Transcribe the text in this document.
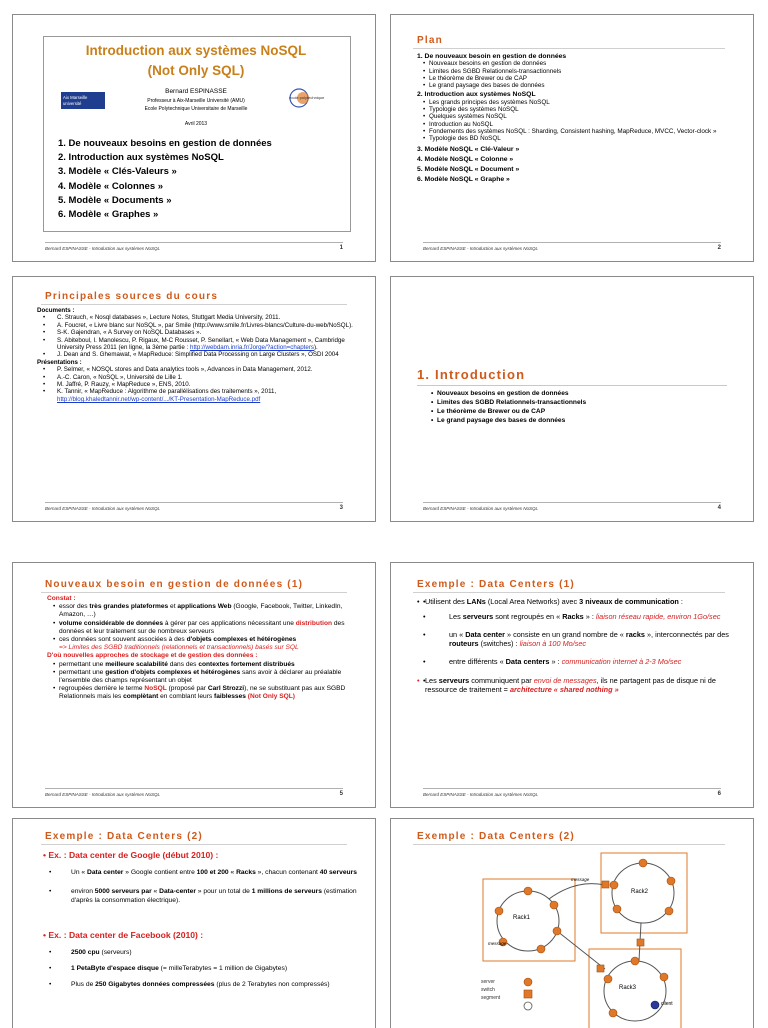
Introduction aux systèmes NoSQL
(Not Only SQL)
Aix Marseille université
école polytechnique
Bernard ESPINASSE
Professeur à Aix-Marseille Université (AMU)
Ecole Polytechnique Universitaire de Marseille
Avril 2013
1. De nouveaux besoins en gestion de données
2. Introduction aux systèmes NoSQL
3. Modèle « Clés-Valeurs »
4. Modèle « Colonnes »
5. Modèle « Documents »
6. Modèle « Graphes »
Bernard ESPINASSE - Introduction aux systèmes NoSQL	1
Plan
1. De nouveaux besoin en gestion de données
• Nouveaux besoins en gestion de données
• Limites des SGBD Relationnels-transactionnels
• Le théorème de Brewer ou de CAP
• Le grand paysage des bases de données
2. Introduction aux systèmes NoSQL
• Les grands principes des systèmes NoSQL
• Typologie des systèmes NoSQL
• Quelques systèmes NoSQL
• Introduction au NoSQL
• Fondements des systèmes NoSQL : Sharding, Consistent hashing, MapReduce, MVCC, Vector-clock »
• Typologie des BD NoSQL
3. Modèle NoSQL « Clé-Valeur »
4. Modèle NoSQL « Colonne »
5. Modèle NoSQL « Document »
6. Modèle NoSQL « Graphe »
Bernard ESPINASSE - Introduction aux systèmes NoSQL	2
Principales sources du cours
Documents :
• C. Strauch, « Nosql databases », Lecture Notes, Stuttgart Media University, 2011.
• A. Foucret, « Livre blanc sur NoSQL », par Smile (http://www.smile.fr/Livres-blancs/Culture-du-web/NoSQL).
• S-K. Gajendran, « A Survey on NoSQL Databases ».
• S. Abiteboul, I. Manolescu, P. Rigaux, M-C Rousset, P. Senellart, « Web Data Management », Cambridge University Press 2011 (en ligne, la 3ème partie : http://webdam.inria.fr/Jorge/?action=chapters).
• J. Dean and S. Ghemawat, « MapReduce: Simplified Data Processing on Large Clusters », OSDI 2004
Présentations :
• P. Selmer, « NOSQL stores and Data analytics tools », Advances in Data Management, 2012.
• A.-C. Caron, « NoSQL », Université de Lille 1.
• M. Jaffré, P. Rauzy, « MapReduce », ENS, 2010.
• K. Tannir, « MapReduce : Algorithme de parallélisations des traitements », 2011, http://blog.khaledtannir.net/wp-content/.../KT-Presentation-MapReduce.pdf
Bernard ESPINASSE - Introduction aux systèmes NoSQL	3
1. Introduction
• Nouveaux besoins en gestion de données
• Limites des SGBD Relationnels-transactionnels
• Le théorème de Brewer ou de CAP
• Le grand paysage des bases de données
Bernard ESPINASSE - Introduction aux systèmes NoSQL	4
Nouveaux besoin en gestion de données (1)
Constat :
• essor des très grandes plateformes et applications Web (Google, Facebook, Twitter, LinkedIn, Amazon, …)
• volume considérable de données à gérer par ces applications nécessitant une distribution des données et leur traitement sur de nombreux serveurs
• ces données sont souvent associées à des d'objets complexes et hétérogènes
=> Limites des SGBD traditionnels (relationnels et transactionnels) basés sur SQL
D'où nouvelles approches de stockage et de gestion des données :
• permettant une meilleure scalabilité dans des contextes fortement distribués
• permettant une gestion d'objets complexes et hétérogènes sans avoir à déclarer au préalable l'ensemble des champs représentant un objet
• regroupées derrière le terme NoSQL (proposé par Carl Strozzi), ne se substituant pas aux SGBD Relationnels mais les complètant en comblant leurs faiblesses (Not Only SQL)
Bernard ESPINASSE - Introduction aux systèmes NoSQL	5
Exemple : Data Centers (1)
• • Utilisent des LANs (Local Area Networks) avec 3 niveaux de communication :
• Les serveurs sont regroupés en « Racks » : liaison réseau rapide, environ 1Go/sec
• un « Data center » consiste en un grand nombre de « racks », interconnectés par des routeurs (switches) : liaison à 100 Mo/sec
• entre différents « Data centers » : communication internet à 2-3 Mo/sec
• • Les serveurs communiquent par envoi de messages, ils ne partagent pas de disque ni de ressource de traitement = architecture « shared nothing »
Bernard ESPINASSE - Introduction aux systèmes NoSQL	6
Exemple : Data Centers (2)
• Ex. : Data center de Google (début 2010) :
• Un « Data center » Google contient entre 100 et 200 « Racks », chacun contenant 40 serveurs
• environ 5000 serveurs par « Data-center » pour un total de 1 millions de serveurs (estimation d'après la consommation électrique).
• Ex. : Data center de Facebook (2010) :
• 2500 cpu (serveurs)
• 1 PetaByte d'espace disque (= milleTerabytes = 1 million de Gigabytes)
• Plus de 250 Gigabytes données compressées (plus de 2 Terabytes non compressés)
Exemple : Data Centers (2)
Rack1
Rack2
Rack3
message
message
client
server
switch
segment
